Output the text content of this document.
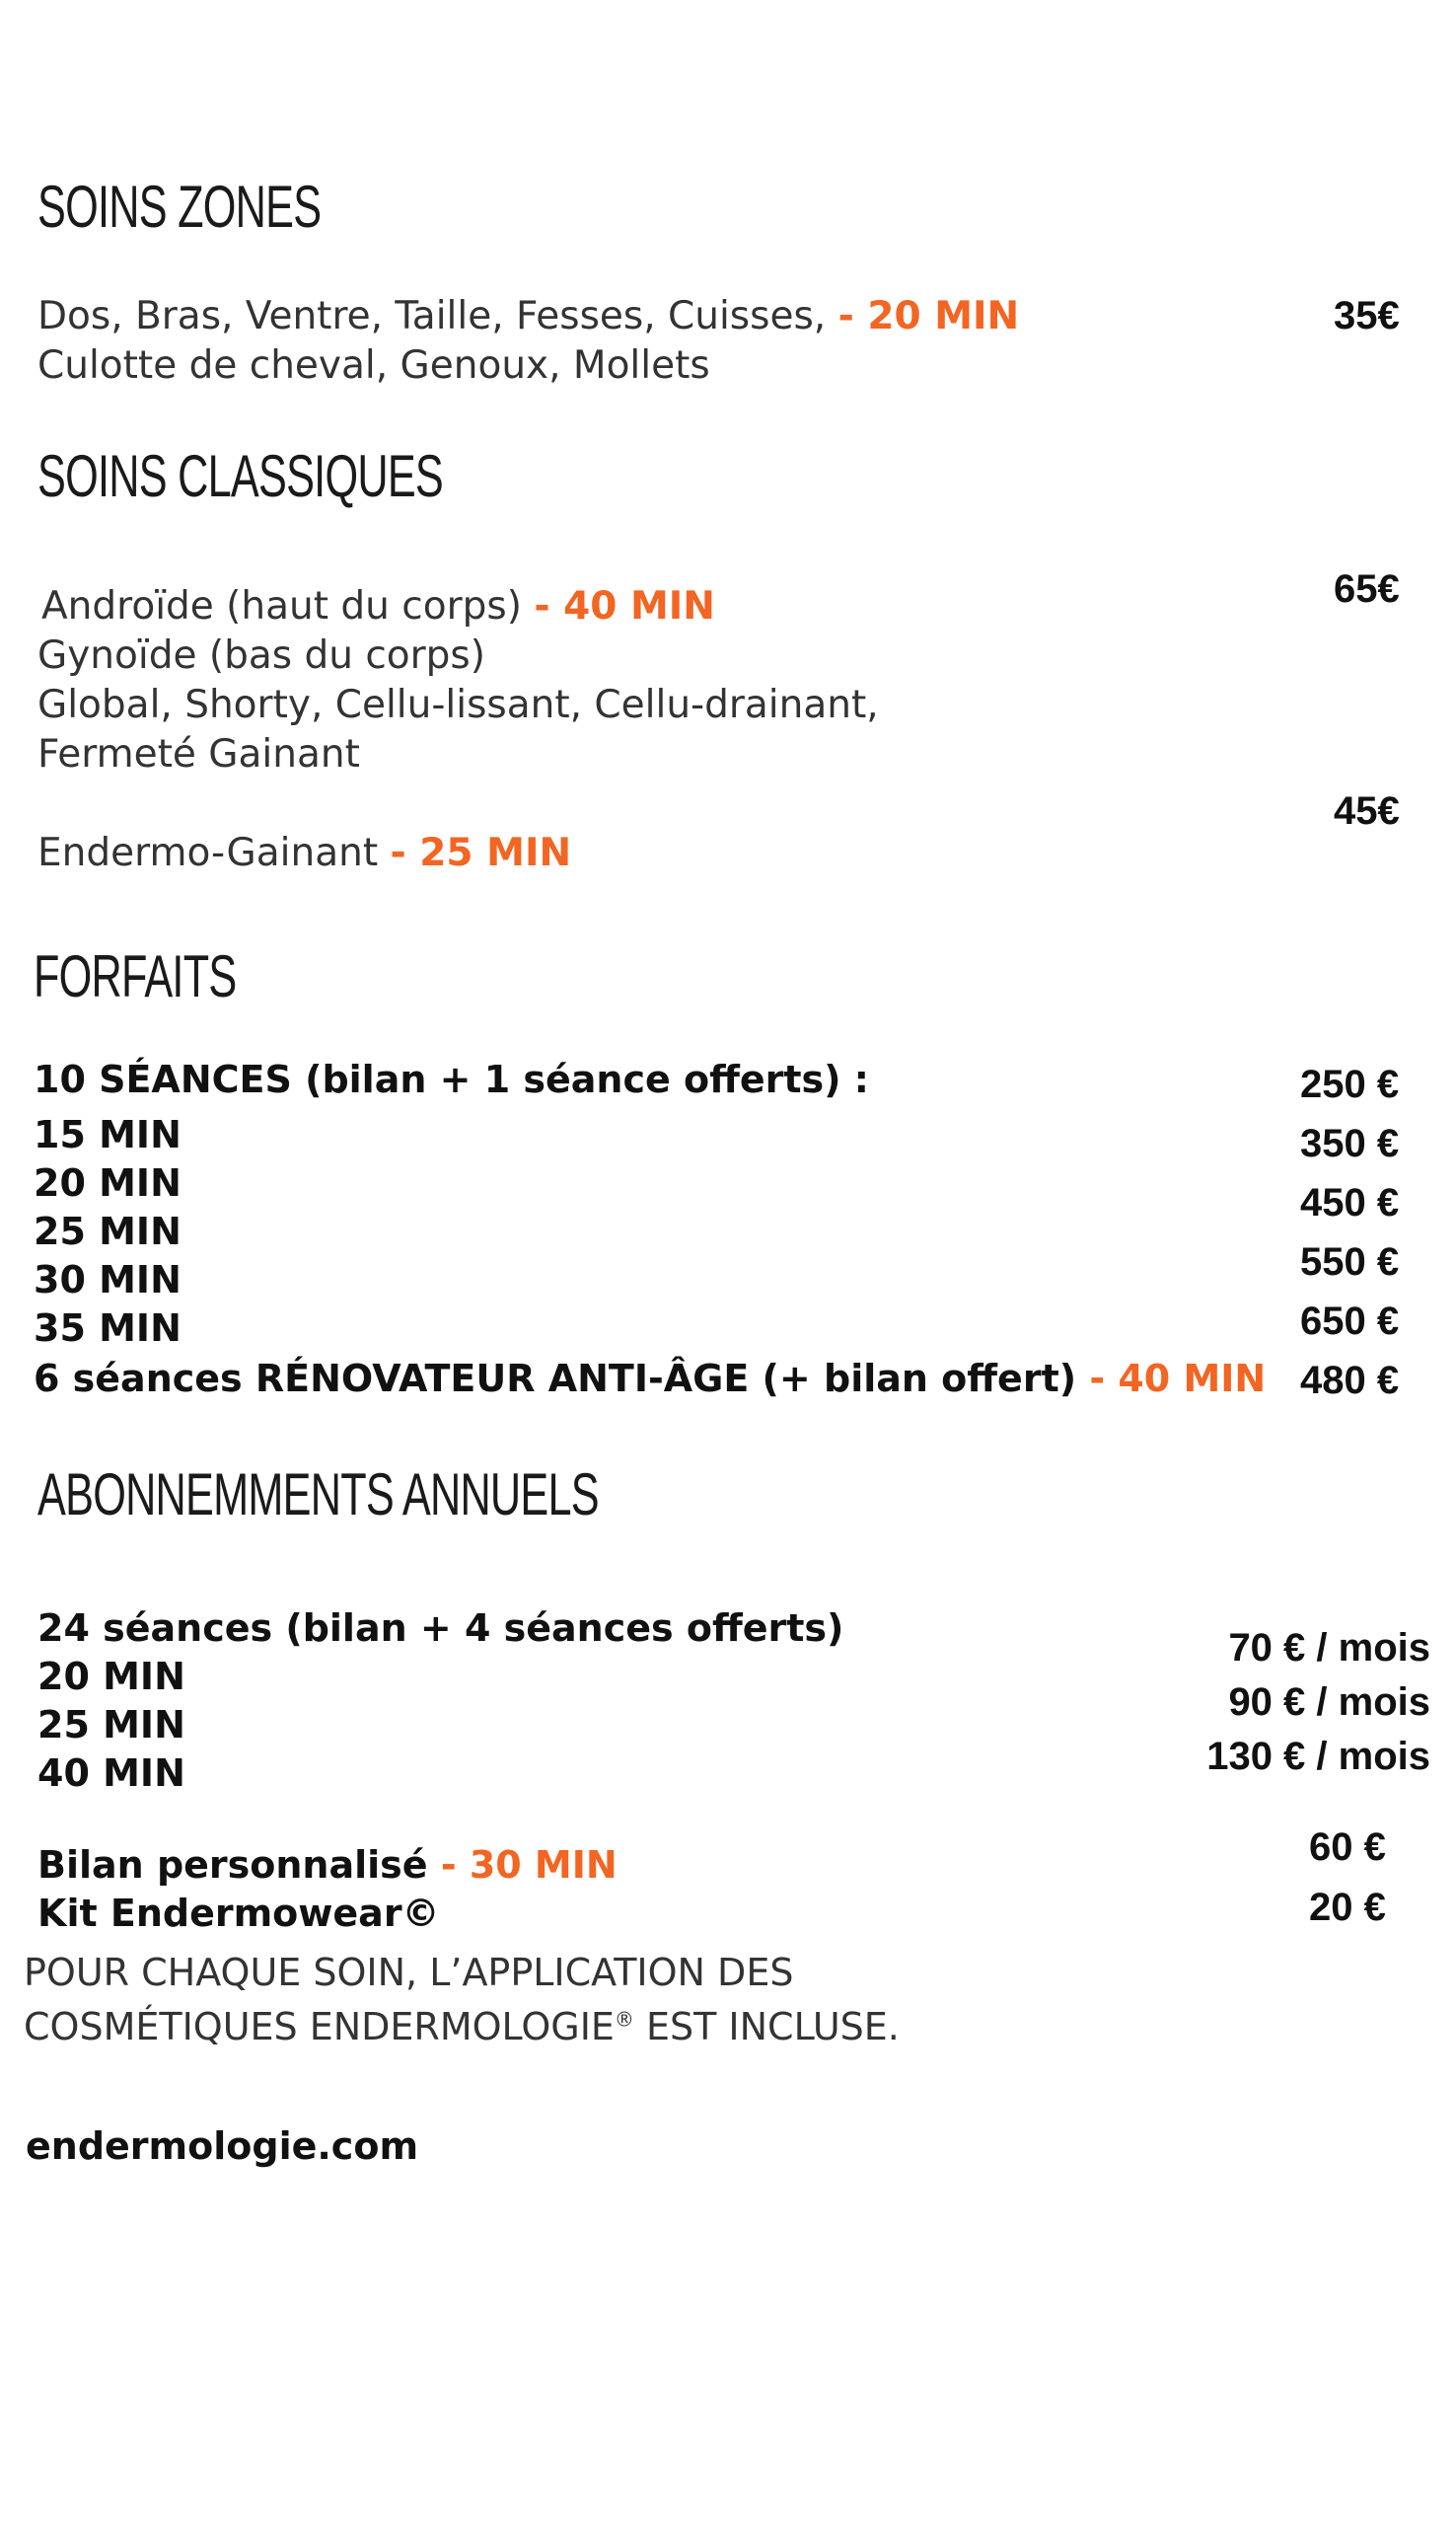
SOINS ZONES
Dos, Bras, Ventre, Taille, Fesses, Cuisses, - 20 MIN
Culotte de cheval, Genoux, Mollets
35€
SOINS CLASSIQUES
Androïde (haut du corps) - 40 MIN
Gynoïde (bas du corps)
Global, Shorty, Cellu-lissant, Cellu-drainant,
Fermeté Gainant
65€
45€
Endermo-Gainant - 25 MIN
FORFAITS
10 SÉANCES (bilan + 1 séance offerts) :
15 MIN
20 MIN
25 MIN
30 MIN
35 MIN
250 €
350 €
450 €
550 €
650 €
6 séances RÉNOVATEUR ANTI-ÂGE (+ bilan offert) - 40 MIN 480 €
ABONNEMMENTS ANNUELS
24 séances (bilan + 4 séances offerts)
20 MIN
25 MIN
40 MIN
70 € / mois
90 € / mois
130 € / mois
Bilan personnalisé - 30 MIN	60 €
Kit Endermowear©	20 €
POUR CHAQUE SOIN, L’APPLICATION DES
COSMÉTIQUES ENDERMOLOGIE® EST INCLUSE.
endermologie.com
